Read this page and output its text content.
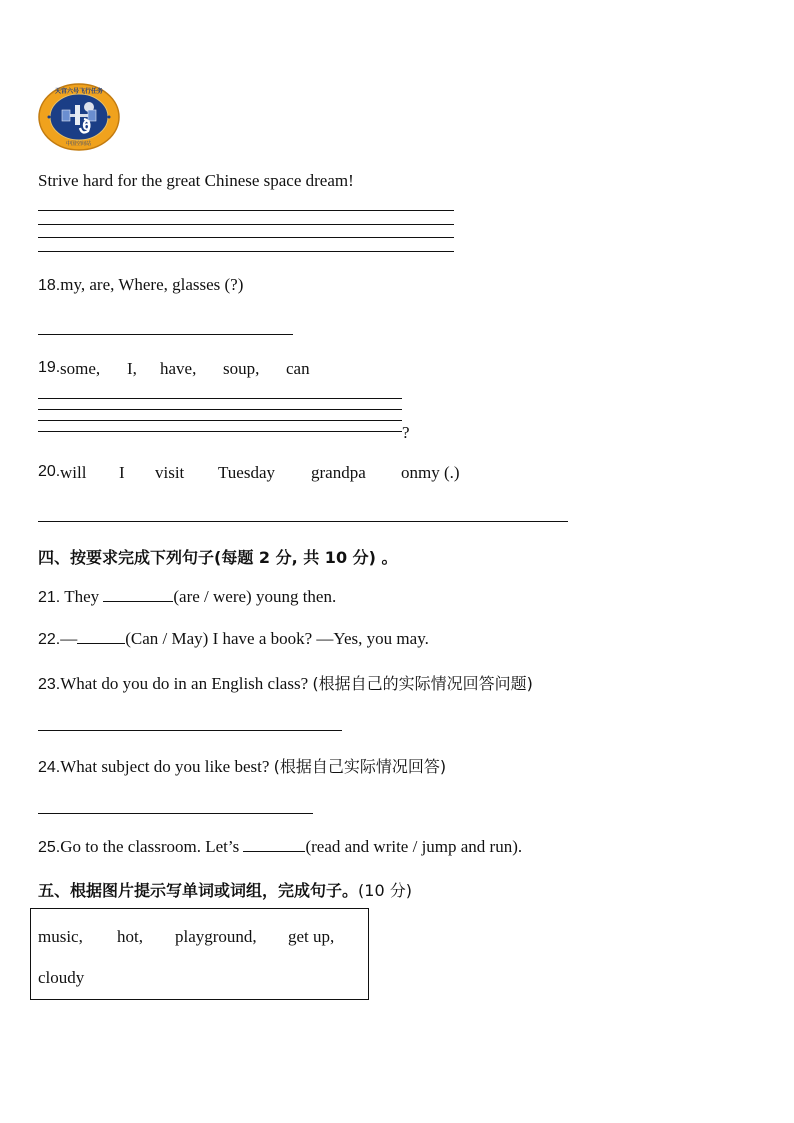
天宫六号飞行任务
6
中国空间站
Strive hard for the great Chinese space dream!
18.my, are, Where, glasses (?)
19. some, I, have, soup, can
?
20. will I visit Tuesday grandpa onmy (.)
四、按要求完成下列句子(每题 2 分, 共 10 分) 。
21. They	(are / were) young then.
22.—	(Can / May) I have a book? —Yes, you may.
23.What do you do in an English class? (根据自己的实际情况回答问题)
24.What subject do you like best? (根据自己实际情况回答)
25.Go to the classroom. Let’s	(read and write / jump and run).
五、根据图片提示写单词或词组，完成句子。(10 分)
music, hot, playground, get up,
cloudy
